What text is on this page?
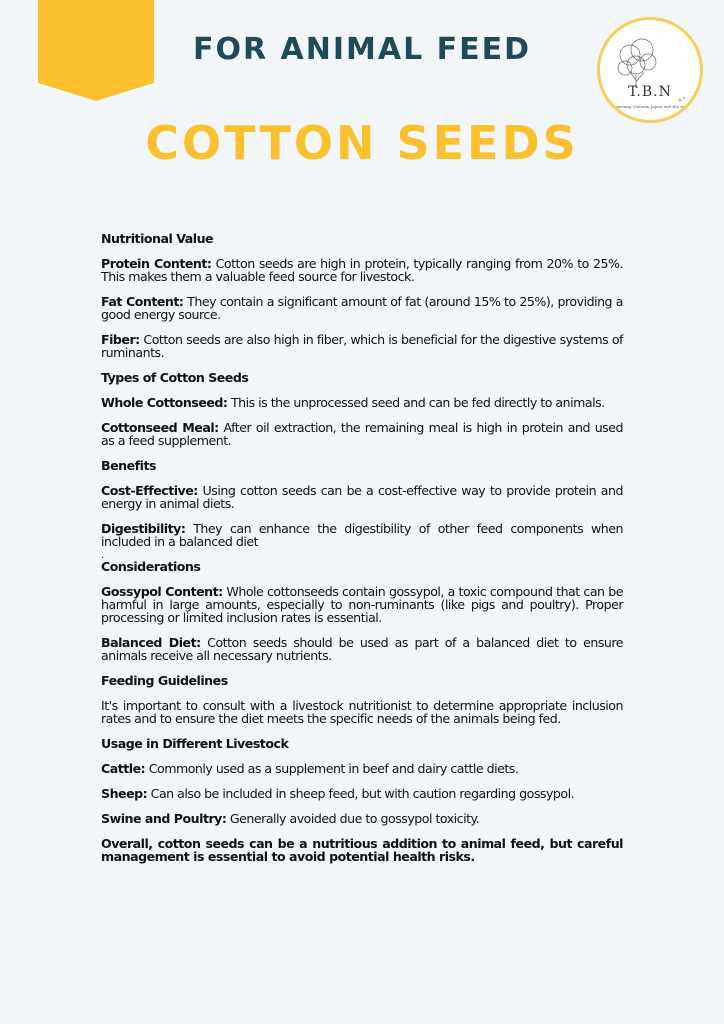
FOR ANIMAL FEED
COTTON SEEDS
T.B.N
Connecting Vietnam,Japan and the world
Nutritional Value

Protein Content: Cotton seeds are high in protein, typically ranging from 20% to 25%. This makes them a valuable feed source for livestock.

Fat Content: They contain a significant amount of fat (around 15% to 25%), providing a good energy source.

Fiber: Cotton seeds are also high in fiber, which is beneficial for the digestive systems of ruminants.

Types of Cotton Seeds

Whole Cottonseed: This is the unprocessed seed and can be fed directly to animals.

Cottonseed Meal: After oil extraction, the remaining meal is high in protein and used as a feed supplement.

Benefits

Cost-Effective: Using cotton seeds can be a cost-effective way to provide protein and energy in animal diets.

Digestibility: They can enhance the digestibility of other feed components when included in a balanced diet

.
Considerations

Gossypol Content: Whole cottonseeds contain gossypol, a toxic compound that can be harmful in large amounts, especially to non-ruminants (like pigs and poultry). Proper processing or limited inclusion rates is essential.

Balanced Diet: Cotton seeds should be used as part of a balanced diet to ensure animals receive all necessary nutrients.

Feeding Guidelines

It's important to consult with a livestock nutritionist to determine appropriate inclusion rates and to ensure the diet meets the specific needs of the animals being fed.

Usage in Different Livestock

Cattle: Commonly used as a supplement in beef and dairy cattle diets.

Sheep: Can also be included in sheep feed, but with caution regarding gossypol.

Swine and Poultry: Generally avoided due to gossypol toxicity.

Overall, cotton seeds can be a nutritious addition to animal feed, but careful management is essential to avoid potential health risks.
